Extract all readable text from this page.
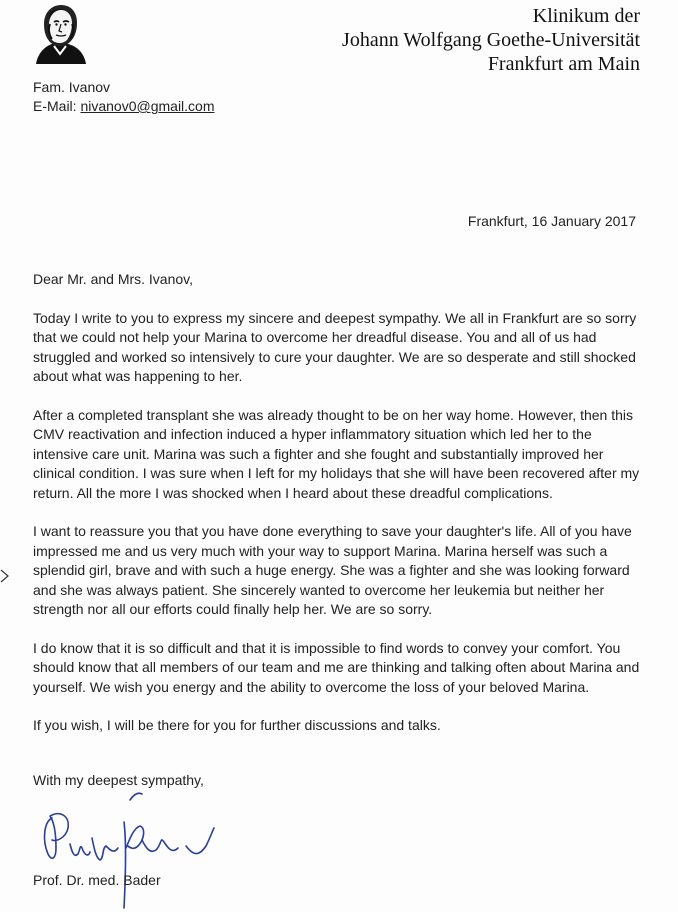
Klinikum der
Johann Wolfgang Goethe-Universität
Frankfurt am Main
Fam. Ivanov
E-Mail: nivanov0@gmail.com
Frankfurt, 16 January 2017

Dear Mr. and Mrs. Ivanov,

Today I write to you to express my sincere and deepest sympathy. We all in Frankfurt are so sorry that we could not help your Marina to overcome her dreadful disease. You and all of us had struggled and worked so intensively to cure your daughter. We are so desperate and still shocked about what was happening to her.

After a completed transplant she was already thought to be on her way home. However, then this CMV reactivation and infection induced a hyper inflammatory situation which led her to the intensive care unit. Marina was such a fighter and she fought and substantially improved her clinical condition. I was sure when I left for my holidays that she will have been recovered after my return. All the more I was shocked when I heard about these dreadful complications.

I want to reassure you that you have done everything to save your daughter's life. All of you have impressed me and us very much with your way to support Marina. Marina herself was such a splendid girl, brave and with such a huge energy. She was a fighter and she was looking forward and she was always patient. She sincerely wanted to overcome her leukemia but neither her strength nor all our efforts could finally help her. We are so sorry.

I do know that it is so difficult and that it is impossible to find words to convey your comfort. You should know that all members of our team and me are thinking and talking often about Marina and yourself. We wish you energy and the ability to overcome the loss of your beloved Marina.

If you wish, I will be there for you for further discussions and talks.

With my deepest sympathy,
Prof. Dr. med. Bader
